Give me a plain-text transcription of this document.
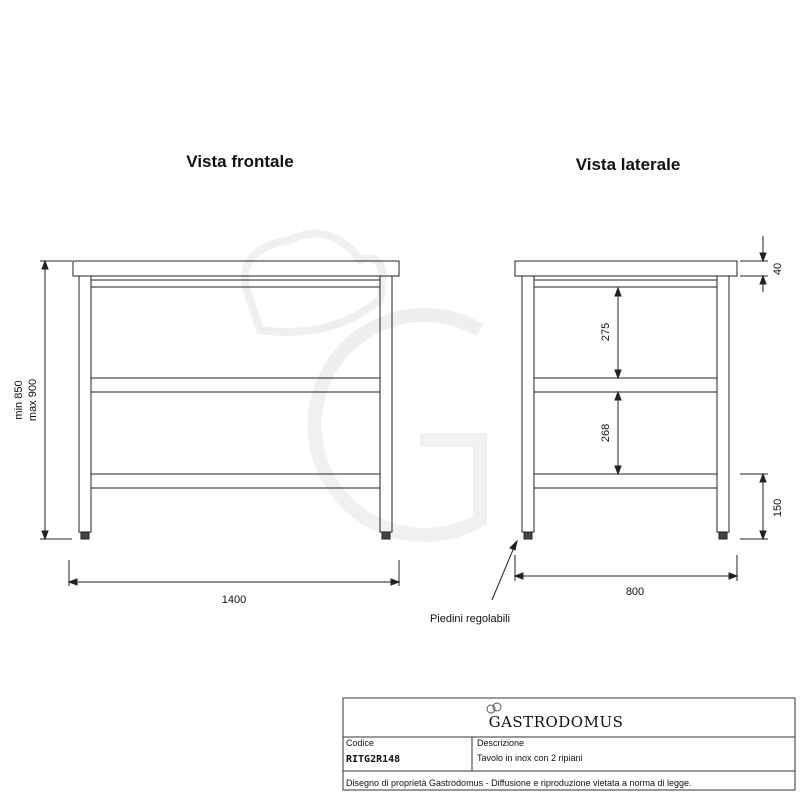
Vista frontale	Vista laterale
min 850 max 900
1400
275
268
40
150
800
Piedini regolabili
GASTRODOMUS
Codice
RITG2R148
Descrizione
Tavolo in inox con 2 ripiani
Disegno di proprietà Gastrodomus - Diffusione e riproduzione vietata a norma di legge.
